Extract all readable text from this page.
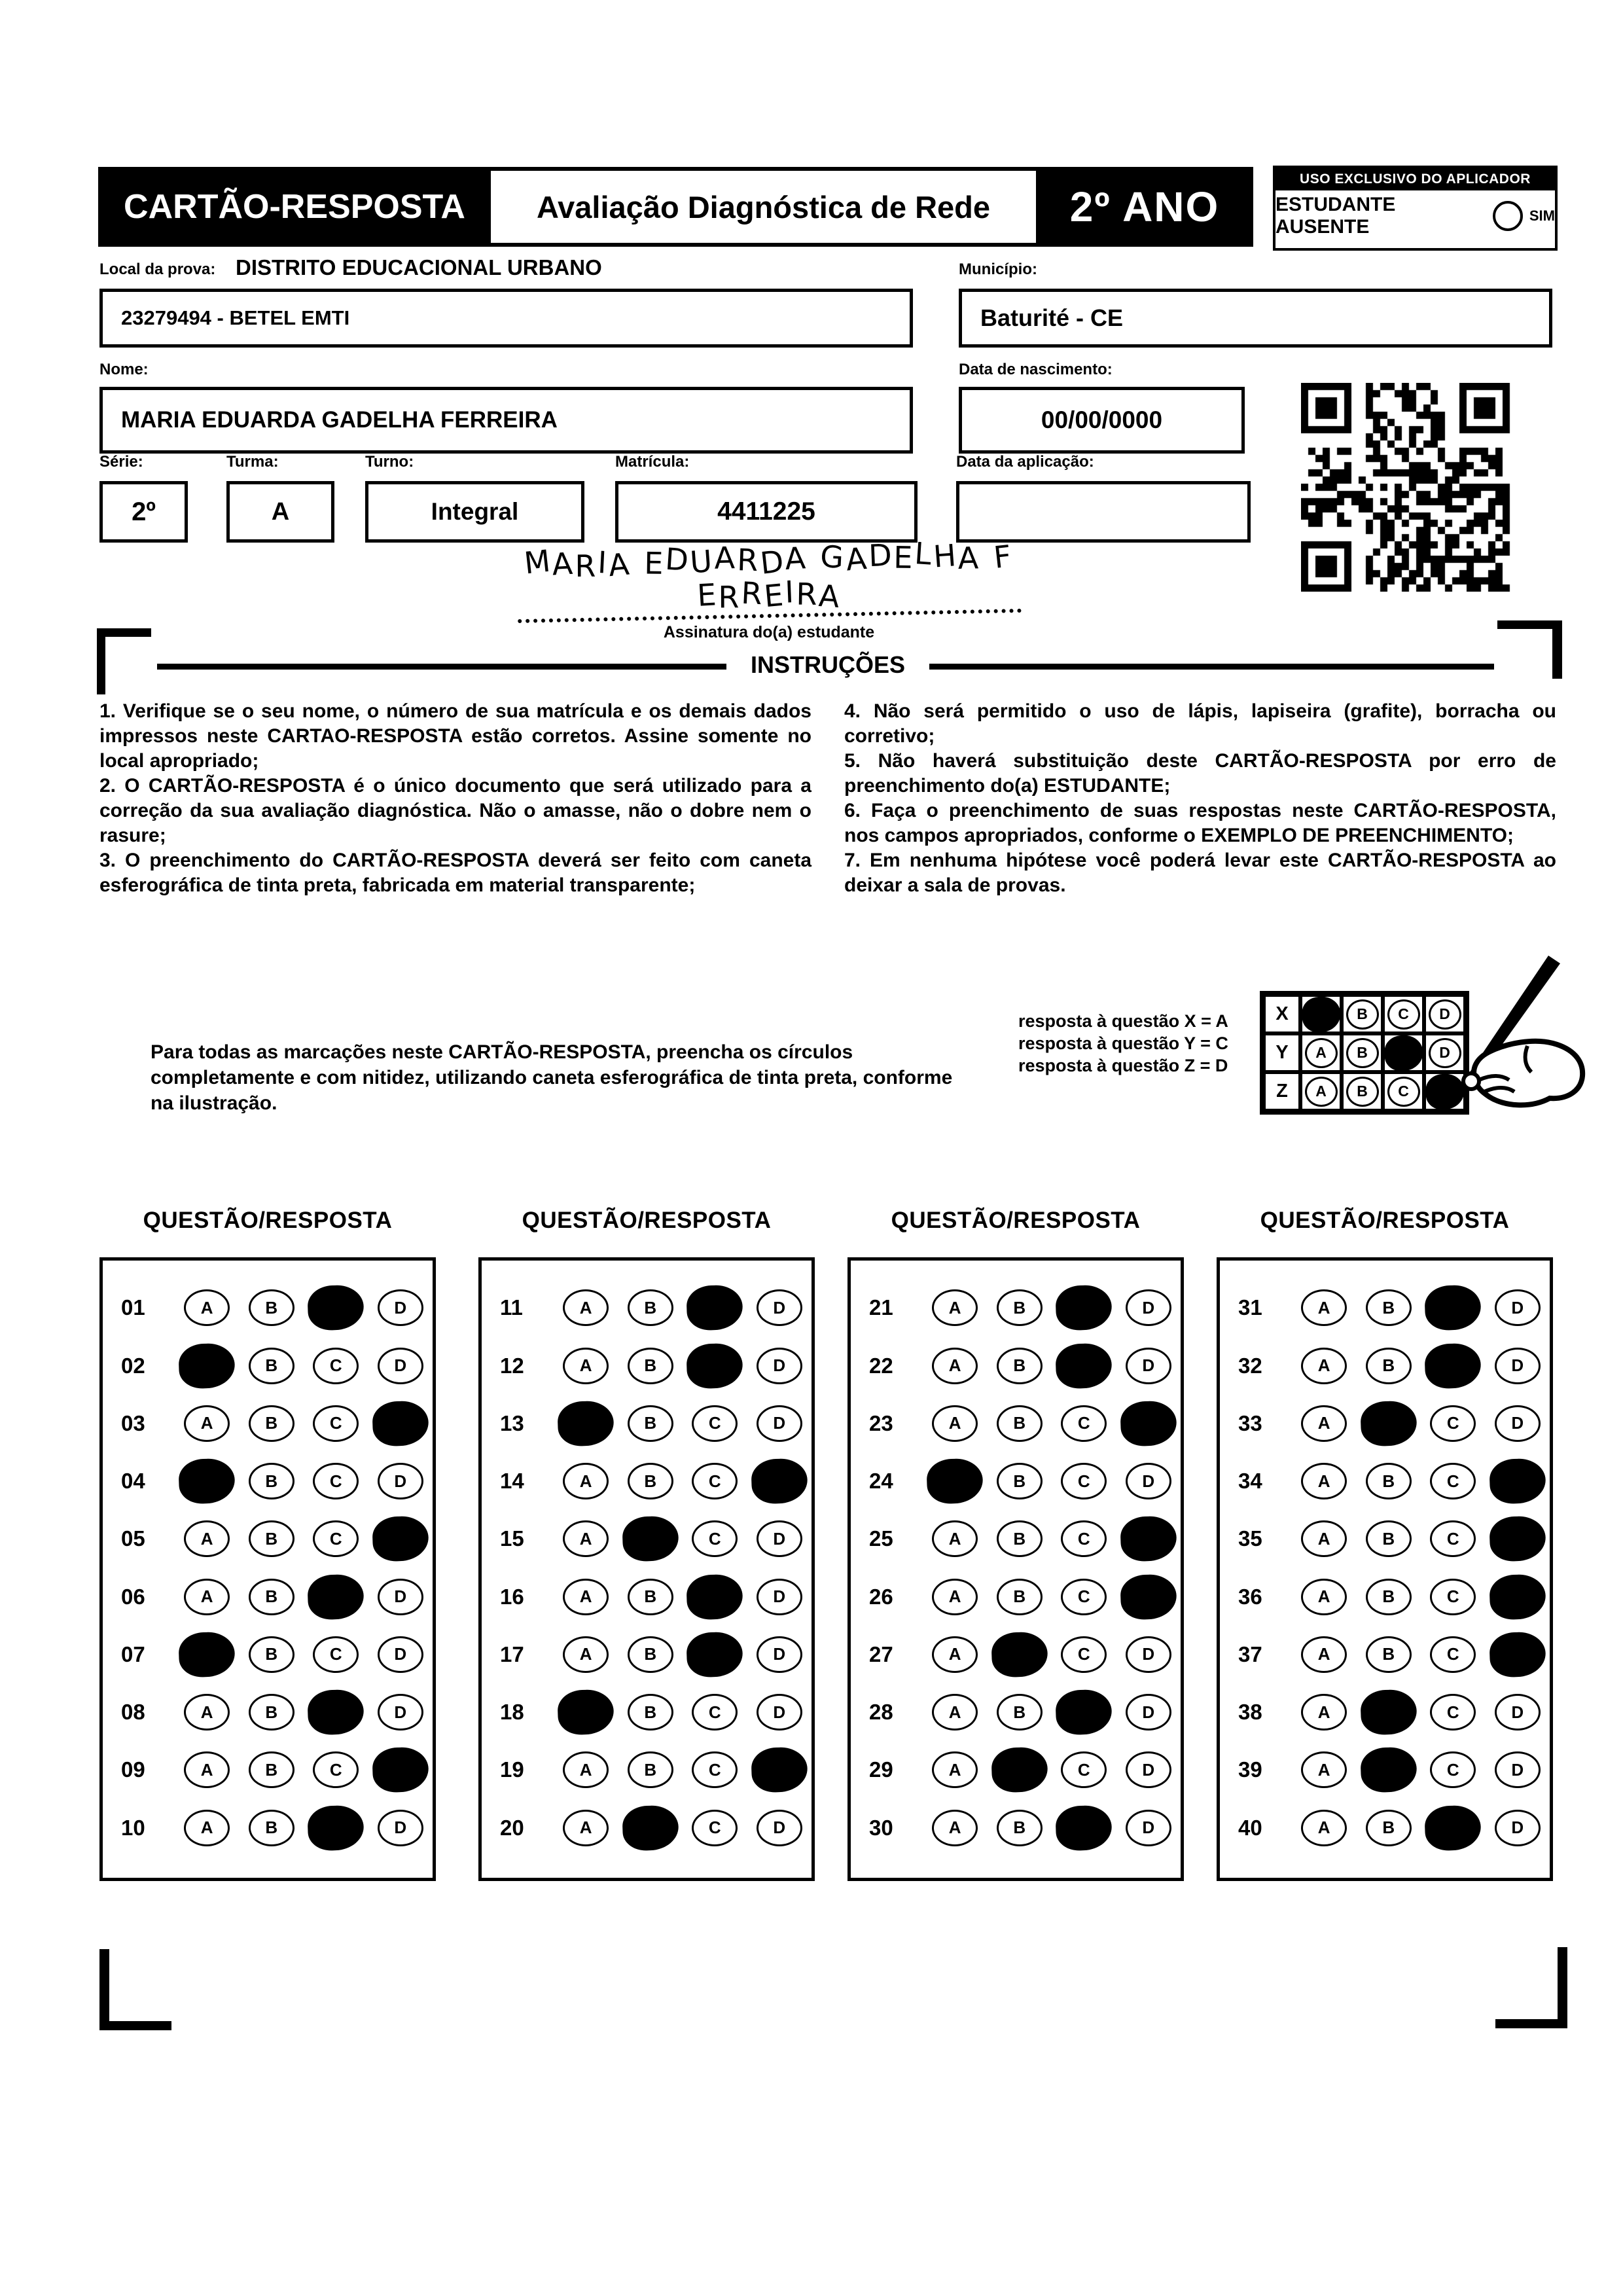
CARTÃO-RESPOSTA	Avaliação Diagnóstica de Rede	2º ANO
USO EXCLUSIVO DO APLICADOR
ESTUDANTE AUSENTE
SIM
Local da prova: DISTRITO EDUCACIONAL URBANO
23279494 - BETEL EMTI
Município:
Baturité - CE
Nome:
MARIA EDUARDA GADELHA FERREIRA
Data de nascimento:
00/00/0000
Série:
2º
Turma:
A
Turno:
Integral
Matrícula:
4411225
Data da aplicação:
MARIA EDUARDA GADELHA FERREIRA
Assinatura do(a) estudante
INSTRUÇÕES

1. Verifique se o seu nome, o número de sua matrícula e os demais dados impressos neste CARTAO-RESPOSTA estão corretos. Assine somente no local apropriado;

2. O CARTÃO-RESPOSTA é o único documento que será utilizado para a correção da sua avaliação diagnóstica. Não o amasse, não o dobre nem o rasure;

3. O preenchimento do CARTÃO-RESPOSTA deverá ser feito com caneta esferográfica de tinta preta, fabricada em material transparente;

4. Não será permitido o uso de lápis, lapiseira (grafite), borracha ou corretivo;

5. Não haverá substituição deste CARTÃO-RESPOSTA por erro de preenchimento do(a) ESTUDANTE;

6. Faça o preenchimento de suas respostas neste CARTÃO-RESPOSTA, nos campos apropriados, conforme o EXEMPLO DE PREENCHIMENTO;

7. Em nenhuma hipótese você poderá levar este CARTÃO-RESPOSTA ao deixar a sala de provas.

Para todas as marcações neste CARTÃO-RESPOSTA, preencha os círculos completamente e com nitidez, utilizando caneta esferográfica de tinta preta, conforme na ilustração.
resposta à questão X = A
resposta à questão Y = C
resposta à questão Z = D
X	B	C	D
Y	A	B	D
Z	A	B	C
QUESTÃO/RESPOSTA
01	A	B	D
02	B	C	D
03	A	B	C
04	B	C	D
05	A	B	C
06	A	B	D
07	B	C	D
08	A	B	D
09	A	B	C
10	A	B	D
QUESTÃO/RESPOSTA
11	A	B	D
12	A	B	D
13	B	C	D
14	A	B	C
15	A	C	D
16	A	B	D
17	A	B	D
18	B	C	D
19	A	B	C
20	A	C	D
QUESTÃO/RESPOSTA
21	A	B	D
22	A	B	D
23	A	B	C
24	B	C	D
25	A	B	C
26	A	B	C
27	A	C	D
28	A	B	D
29	A	C	D
30	A	B	D
QUESTÃO/RESPOSTA
31	A	B	D
32	A	B	D
33	A	C	D
34	A	B	C
35	A	B	C
36	A	B	C
37	A	B	C
38	A	C	D
39	A	C	D
40	A	B	D
